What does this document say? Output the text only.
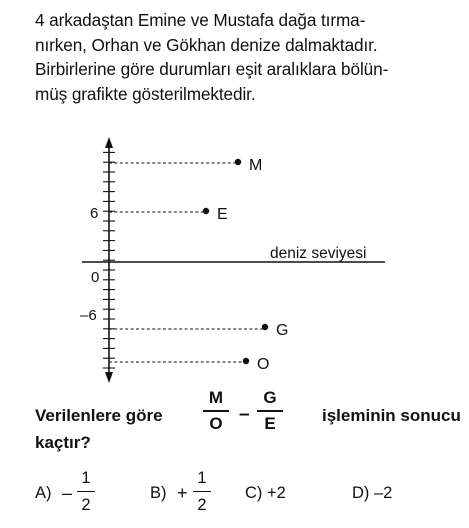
4 arkadaştan Emine ve Mustafa dağa tırma-
nırken, Orhan ve Gökhan denize dalmaktadır.
Birbirlerine göre durumları eşit aralıklara bölün-
müş grafikte gösterilmektedir.
deniz seviyesi
6
0
–6
M
E
G
O
Verilenlere göre
M
O –
G
E	işleminin sonucu
kaçtır?
A) –
1
2
B) +
1
2
C) +2	D) –2
